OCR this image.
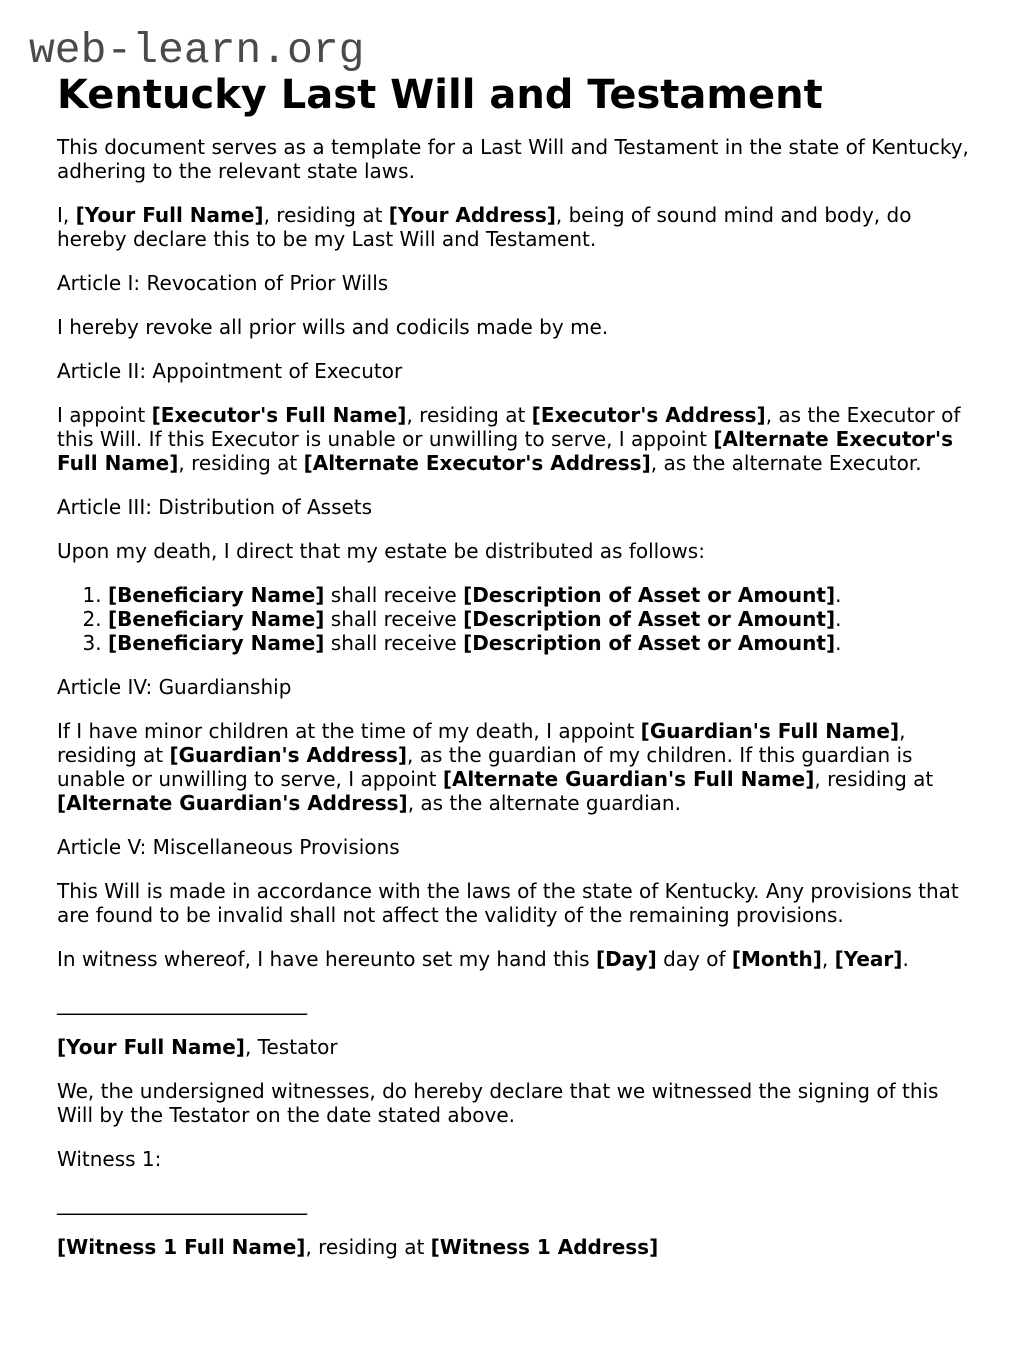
web-learn.org
Kentucky Last Will and Testament

This document serves as a template for a Last Will and Testament in the state of Kentucky, adhering to the relevant state laws.

I, [Your Full Name], residing at [Your Address], being of sound mind and body, do hereby declare this to be my Last Will and Testament.

Article I: Revocation of Prior Wills

I hereby revoke all prior wills and codicils made by me.

Article II: Appointment of Executor

I appoint [Executor's Full Name], residing at [Executor's Address], as the Executor of this Will. If this Executor is unable or unwilling to serve, I appoint [Alternate Executor's Full Name], residing at [Alternate Executor's Address], as the alternate Executor.

Article III: Distribution of Assets

Upon my death, I direct that my estate be distributed as follows:

1. [Beneficiary Name] shall receive [Description of Asset or Amount].
2. [Beneficiary Name] shall receive [Description of Asset or Amount].
3. [Beneficiary Name] shall receive [Description of Asset or Amount].

Article IV: Guardianship

If I have minor children at the time of my death, I appoint [Guardian's Full Name], residing at [Guardian's Address], as the guardian of my children. If this guardian is unable or unwilling to serve, I appoint [Alternate Guardian's Full Name], residing at [Alternate Guardian's Address], as the alternate guardian.

Article V: Miscellaneous Provisions

This Will is made in accordance with the laws of the state of Kentucky. Any provisions that are found to be invalid shall not affect the validity of the remaining provisions.

In witness whereof, I have hereunto set my hand this [Day] day of [Month], [Year].

_________________________

[Your Full Name], Testator

We, the undersigned witnesses, do hereby declare that we witnessed the signing of this Will by the Testator on the date stated above.

Witness 1:

_________________________

[Witness 1 Full Name], residing at [Witness 1 Address]
